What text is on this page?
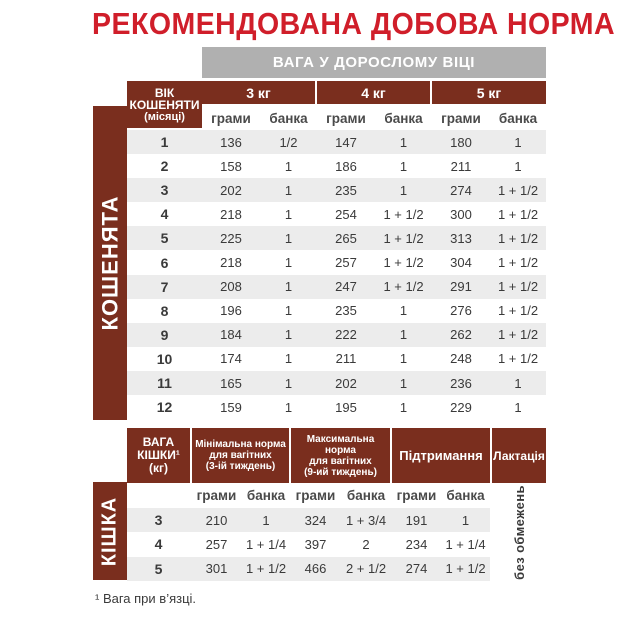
РЕКОМЕНДОВАНА ДОБОВА НОРМА
КОШЕНЯТА
ВАГА У ДОРОСЛОМУ ВІЦІ
ВІК
КОШЕНЯТИ
(місяці)
3 кг	4 кг	5 кг
грами банка грами банка грами банка
1	136	1/2	147	1	180	1
2	158	1	186	1	211	1
3	202	1	235	1	274	1 + 1/2
4	218	1	254	1 + 1/2	300	1 + 1/2
5	225	1	265	1 + 1/2	313	1 + 1/2
6	218	1	257	1 + 1/2	304	1 + 1/2
7	208	1	247	1 + 1/2	291	1 + 1/2
8	196	1	235	1	276	1 + 1/2
9	184	1	222	1	262	1 + 1/2
10	174	1	211	1	248	1 + 1/2
11	165	1	202	1	236	1
12	159	1	195	1	229	1
КІШКА
ВАГА
КІШКИ¹
(кг)
Мінімальна норма
для вагітних
(3-ій тиждень)
Максимальна норма
для вагітних
(9-ий тиждень)
Підтримання Лактація
грами банка грами банка грами банка без обмежень
3	210	1	324	1 + 3/4	191	1
4	257	1 + 1/4	397	2	234	1 + 1/4
5	301	1 + 1/2	466	2 + 1/2	274	1 + 1/2
¹ Вага при в’язці.
